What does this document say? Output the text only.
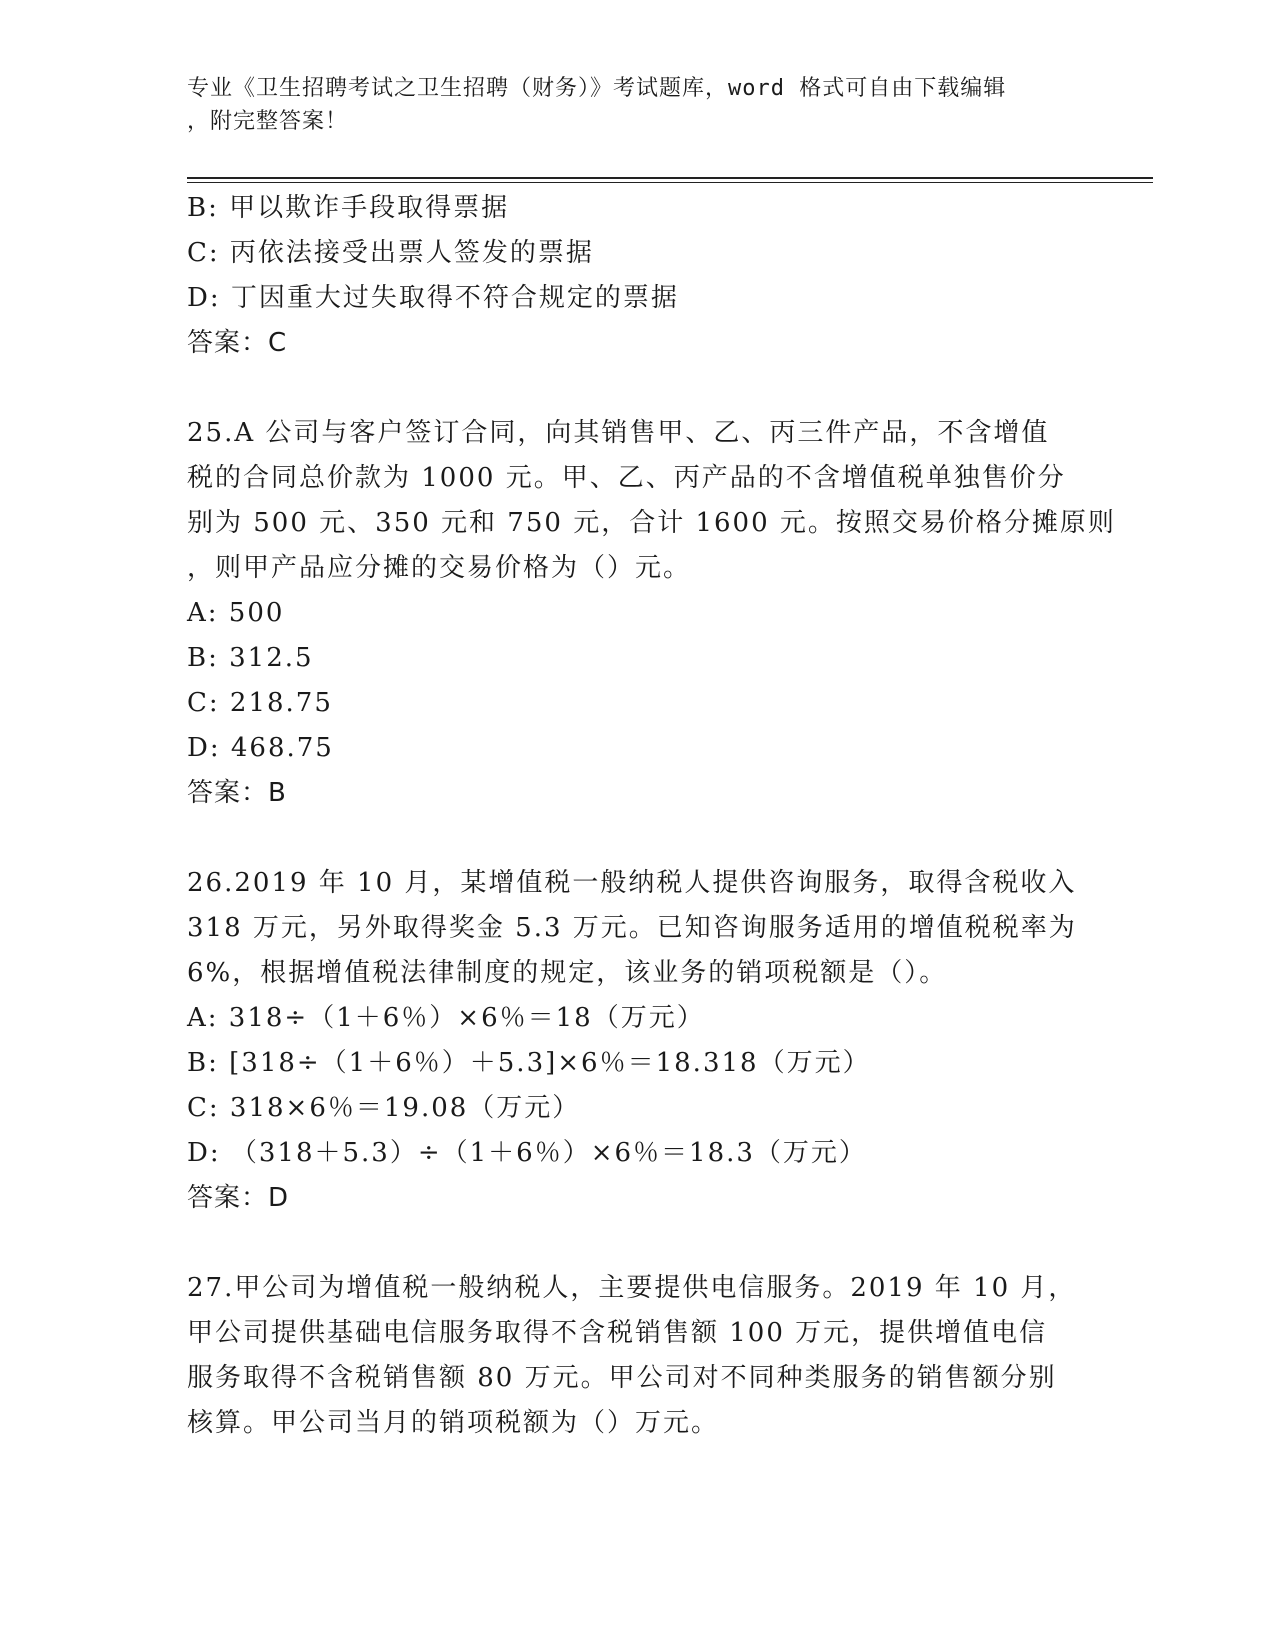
专业《卫生招聘考试之卫生招聘（财务）》考试题库，word 格式可自由下载编辑
，附完整答案！
B: 甲以欺诈手段取得票据
C: 丙依法接受出票人签发的票据
D: 丁因重大过失取得不符合规定的票据
答案：C
25.A 公司与客户签订合同，向其销售甲、乙、丙三件产品，不含增值
税的合同总价款为 1000 元。甲、乙、丙产品的不含增值税单独售价分
别为 500 元、350 元和 750 元，合计 1600 元。按照交易价格分摊原则
，则甲产品应分摊的交易价格为（）元。
A: 500
B: 312.5
C: 218.75
D: 468.75
答案：B
26.2019 年 10 月，某增值税一般纳税人提供咨询服务，取得含税收入
318 万元，另外取得奖金 5.3 万元。已知咨询服务适用的增值税税率为
6%，根据增值税法律制度的规定，该业务的销项税额是（）。
A: 318÷（1＋6％）×6％＝18（万元）
B: [318÷（1＋6％）＋5.3]×6％＝18.318（万元）
C: 318×6％＝19.08（万元）
D: （318＋5.3）÷（1＋6％）×6％＝18.3（万元）
答案：D
27.甲公司为增值税一般纳税人，主要提供电信服务。2019 年 10 月，
甲公司提供基础电信服务取得不含税销售额 100 万元，提供增值电信
服务取得不含税销售额 80 万元。甲公司对不同种类服务的销售额分别
核算。甲公司当月的销项税额为（）万元。
